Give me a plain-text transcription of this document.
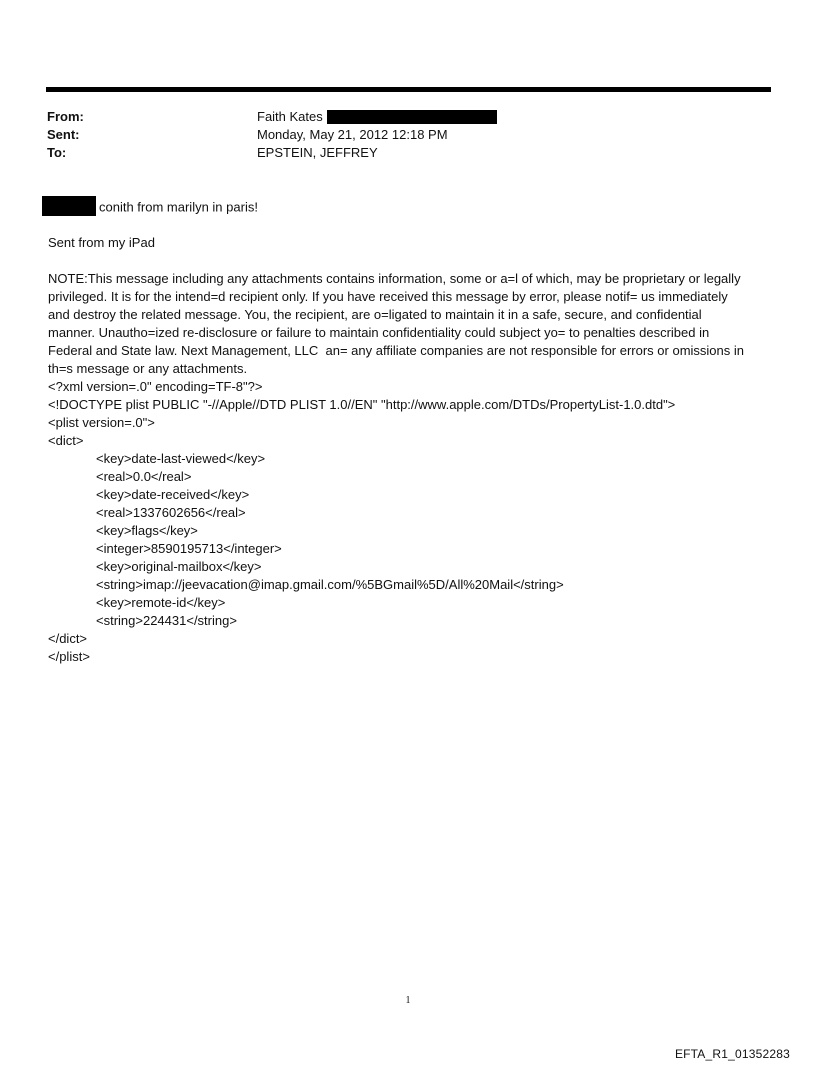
From:	Faith Kates
Sent:	Monday, May 21, 2012 12:18 PM
To:	EPSTEIN, JEFFREY
conith from marilyn in paris!
Sent from my iPad
NOTE:This message including any attachments contains information, some or a=l of which, may be proprietary or legally
privileged. It is for the intend=d recipient only. If you have received this message by error, please notif= us immediately
and destroy the related message. You, the recipient, are o=ligated to maintain it in a safe, secure, and confidential
manner. Unautho=ized re-disclosure or failure to maintain confidentiality could subject yo= to penalties described in
Federal and State law. Next Management, LLC  an= any affiliate companies are not responsible for errors or omissions in
th=s message or any attachments.
<?xml version=.0" encoding=TF-8"?>
<!DOCTYPE plist PUBLIC "-//Apple//DTD PLIST 1.0//EN" "http://www.apple.com/DTDs/PropertyList-1.0.dtd">
<plist version=.0">
<dict>
<key>date-last-viewed</key>
<real>0.0</real>
<key>date-received</key>
<real>1337602656</real>
<key>flags</key>
<integer>8590195713</integer>
<key>original-mailbox</key>
<string>imap://jeevacation@imap.gmail.com/%5BGmail%5D/All%20Mail</string>
<key>remote-id</key>
<string>224431</string>
</dict>
</plist>
1
EFTA_R1_01352283
